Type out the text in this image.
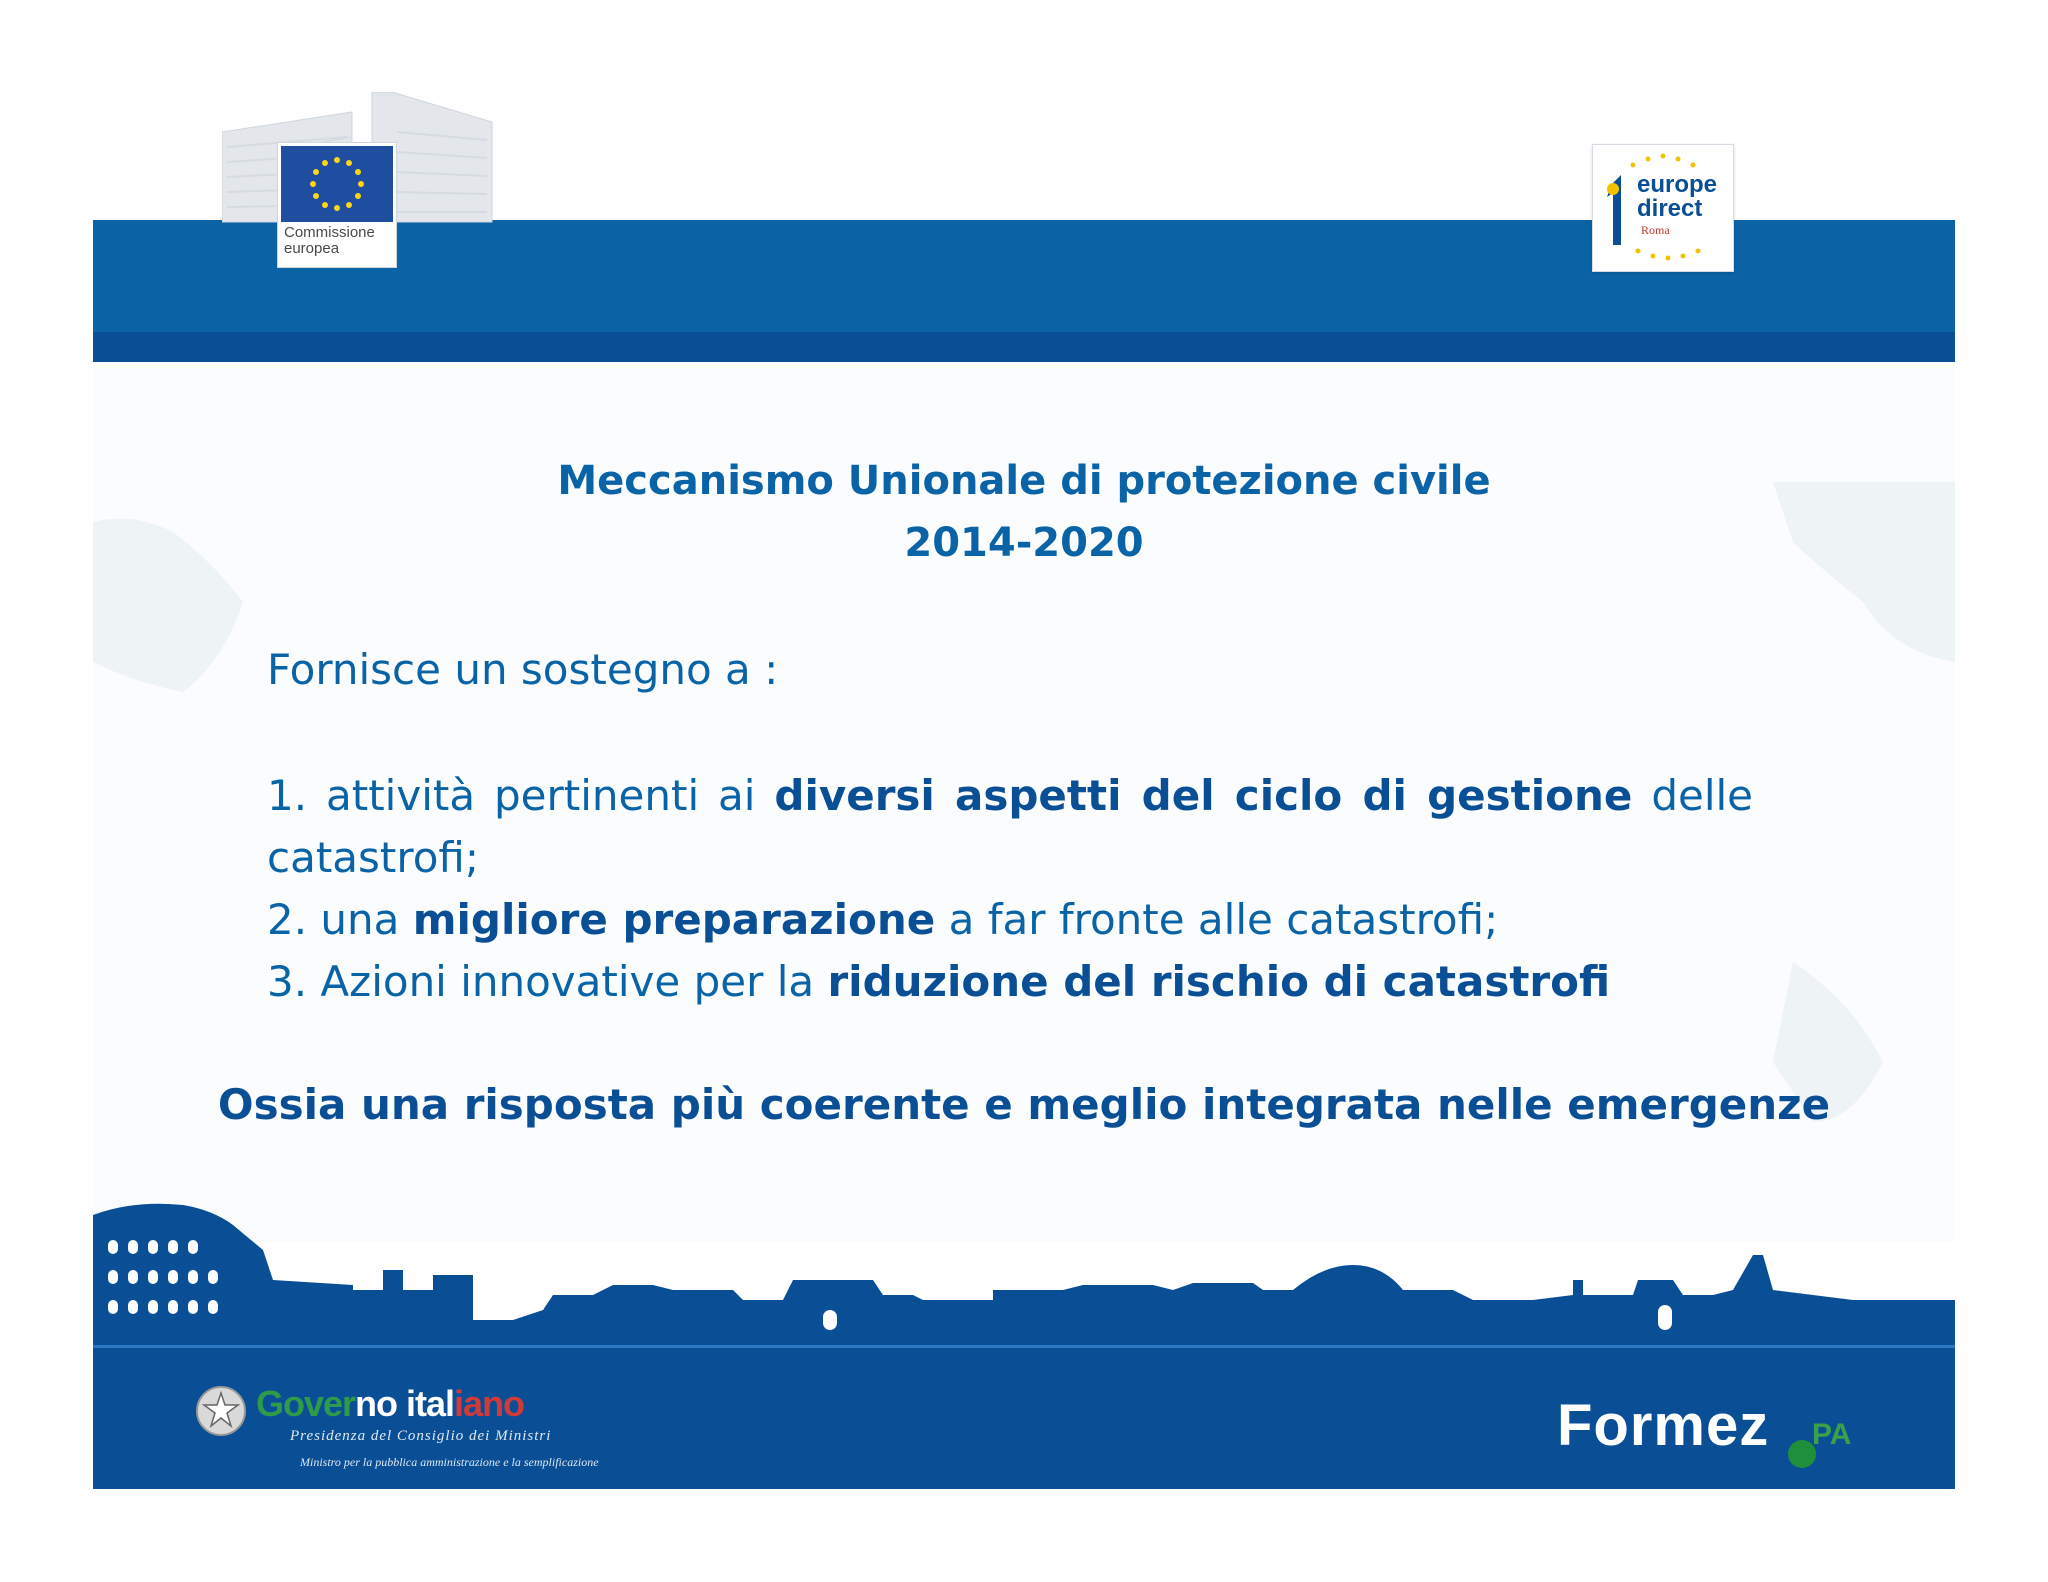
Commissione
europea
europe
direct
Roma
Meccanismo Unionale di protezione civile
2014-2020
Fornisce un sostegno a :

1. attività pertinenti ai diversi aspetti del ciclo di gestione delle catastrofi;

2. una migliore preparazione a far fronte alle catastrofi;

3. Azioni innovative per la riduzione del rischio di catastrofi

Ossia una risposta più coerente e meglio integrata nelle emergenze
Governo italiano
Presidenza del Consiglio dei Ministri
Ministro per la pubblica amministrazione e la semplificazione
Formez PA
